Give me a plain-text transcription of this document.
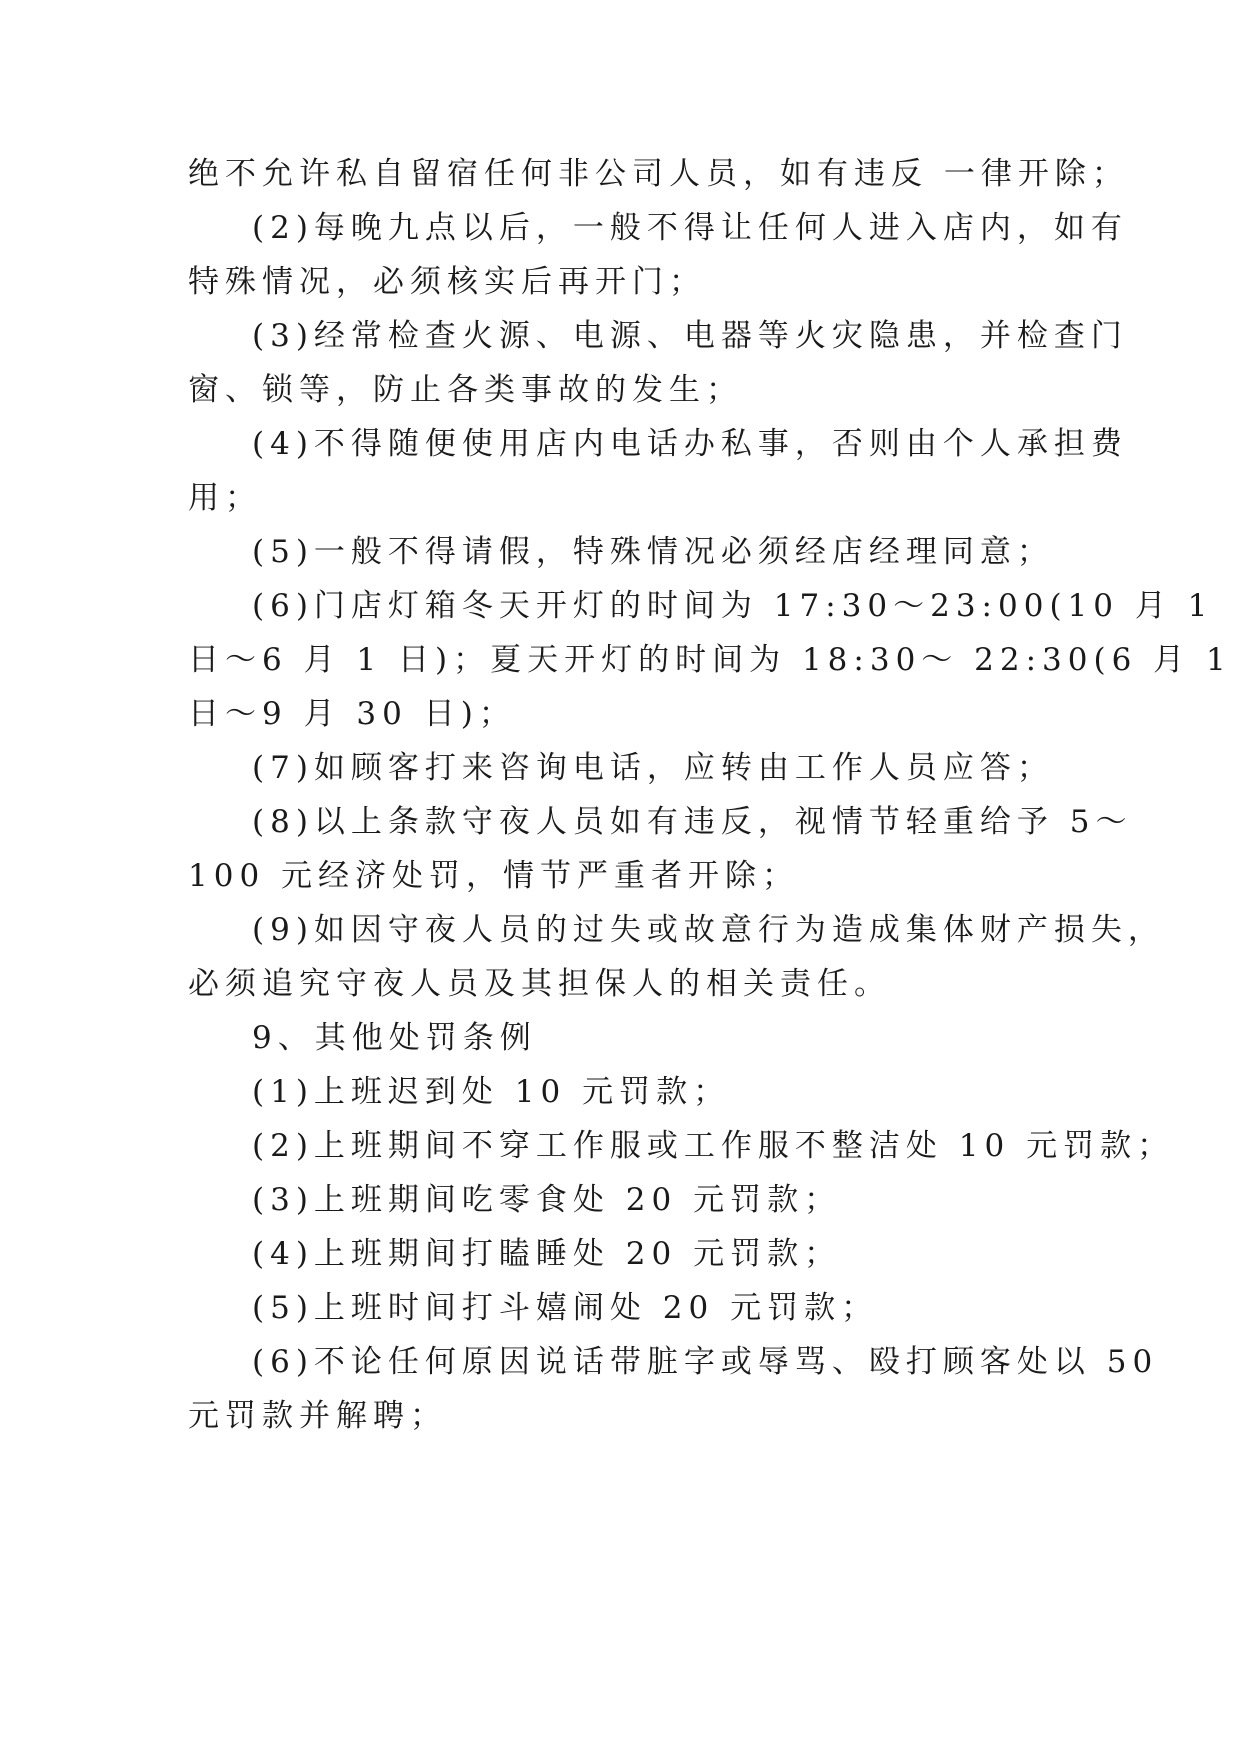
绝不允许私自留宿任何非公司人员，如有违反 一律开除；
(2)每晚九点以后，一般不得让任何人进入店内，如有
特殊情况，必须核实后再开门；
(3)经常检查火源、电源、电器等火灾隐患，并检查门
窗、锁等，防止各类事故的发生；
(4)不得随便使用店内电话办私事，否则由个人承担费
用；
(5)一般不得请假，特殊情况必须经店经理同意；
(6)门店灯箱冬天开灯的时间为 17:30～23:00(10 月 1
日～6 月 1 日)；夏天开灯的时间为 18:30～ 22:30(6 月 1
日～9 月 30 日)；
(7)如顾客打来咨询电话，应转由工作人员应答；
(8)以上条款守夜人员如有违反，视情节轻重给予 5～
100 元经济处罚，情节严重者开除；
(9)如因守夜人员的过失或故意行为造成集体财产损失，
必须追究守夜人员及其担保人的相关责任。
9、其他处罚条例
(1)上班迟到处 10 元罚款；
(2)上班期间不穿工作服或工作服不整洁处 10 元罚款；
(3)上班期间吃零食处 20 元罚款；
(4)上班期间打瞌睡处 20 元罚款；
(5)上班时间打斗嬉闹处 20 元罚款；
(6)不论任何原因说话带脏字或辱骂、殴打顾客处以 50
元罚款并解聘；
